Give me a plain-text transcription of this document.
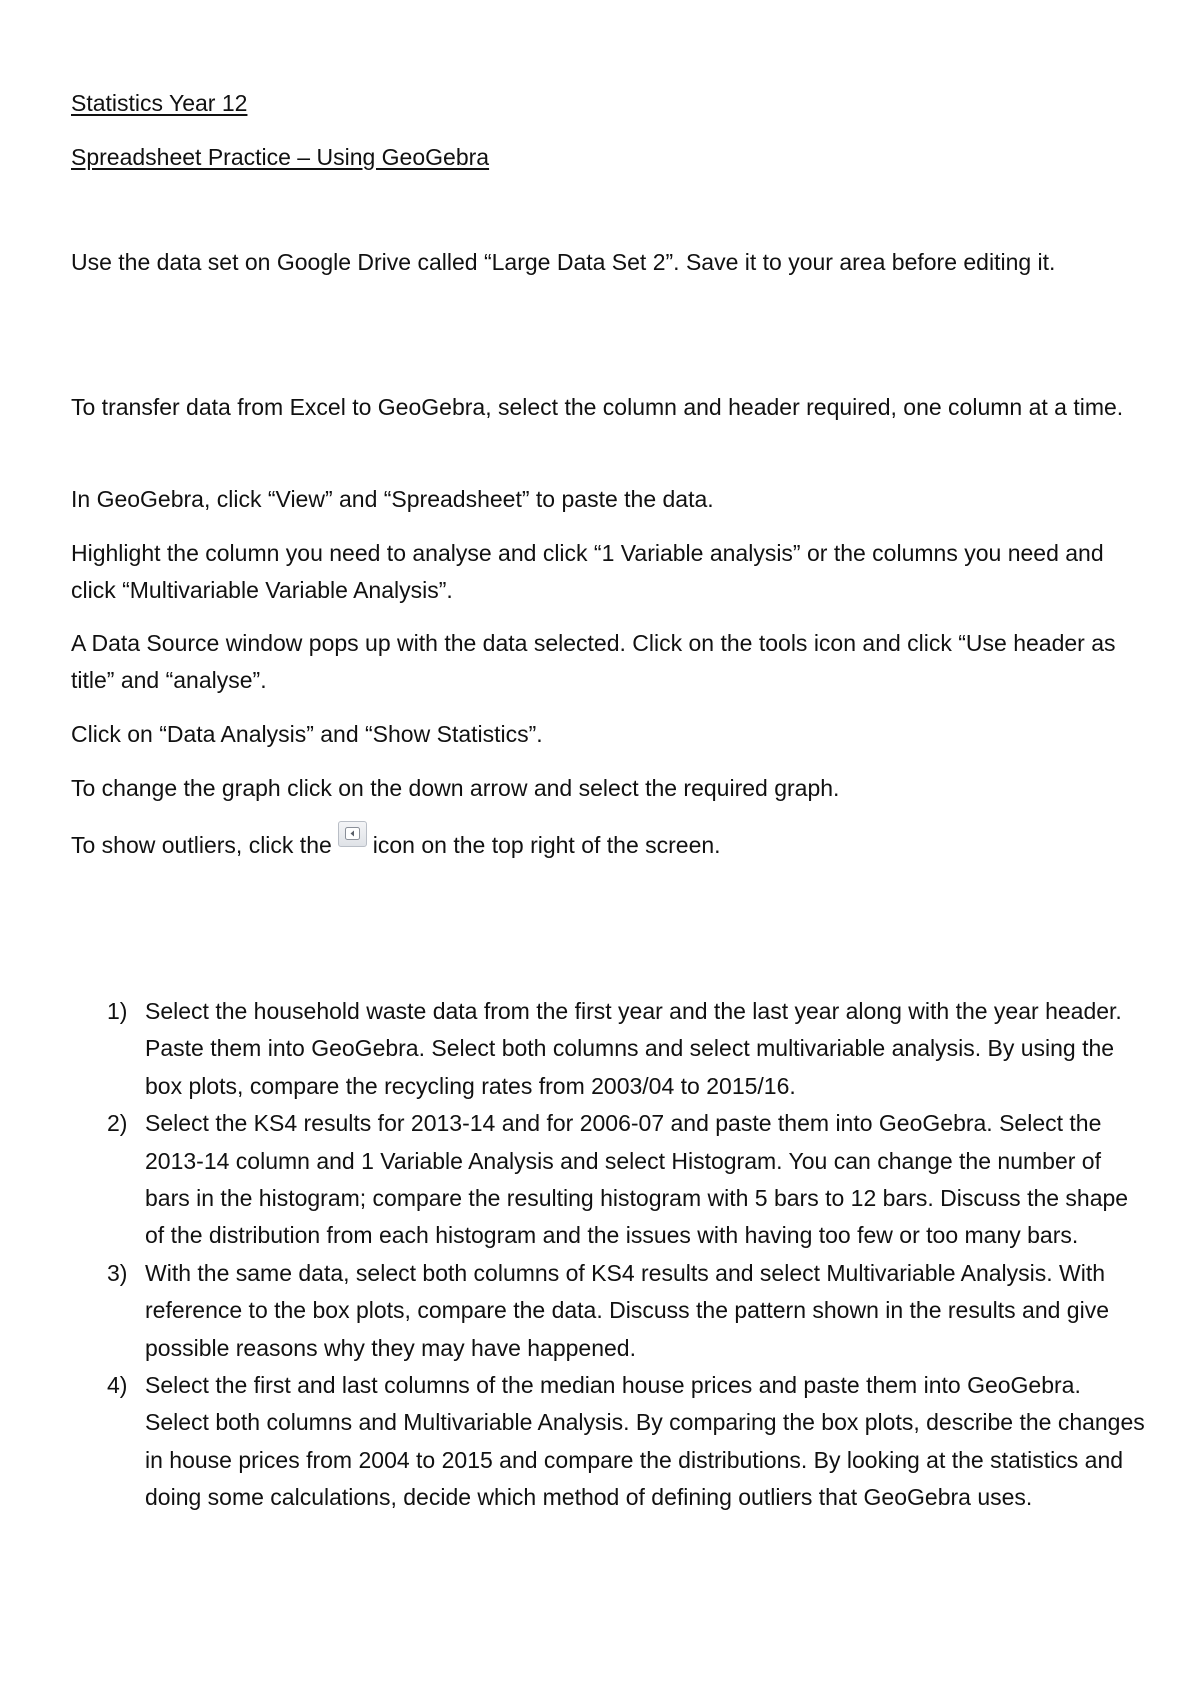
Statistics Year 12
Spreadsheet Practice – Using GeoGebra

Use the data set on Google Drive called “Large Data Set 2”. Save it to your area before editing it.

To transfer data from Excel to GeoGebra, select the column and header required, one column at a time.

In GeoGebra, click “View” and “Spreadsheet” to paste the data.

Highlight the column you need to analyse and click “1 Variable analysis” or the columns you need and click “Multivariable Variable Analysis”.

A Data Source window pops up with the data selected. Click on the tools icon and click “Use header as title” and “analyse”.

Click on “Data Analysis” and “Show Statistics”.

To change the graph click on the down arrow and select the required graph.

To show outliers, click the icon on the top right of the screen.

1) Select the household waste data from the first year and the last year along with the year header. Paste them into GeoGebra. Select both columns and select multivariable analysis. By using the box plots, compare the recycling rates from 2003/04 to 2015/16.
2) Select the KS4 results for 2013-14 and for 2006-07 and paste them into GeoGebra. Select the 2013-14 column and 1 Variable Analysis and select Histogram. You can change the number of bars in the histogram; compare the resulting histogram with 5 bars to 12 bars. Discuss the shape of the distribution from each histogram and the issues with having too few or too many bars.
3) With the same data, select both columns of KS4 results and select Multivariable Analysis. With reference to the box plots, compare the data. Discuss the pattern shown in the results and give possible reasons why they may have happened.
4) Select the first and last columns of the median house prices and paste them into GeoGebra. Select both columns and Multivariable Analysis. By comparing the box plots, describe the changes in house prices from 2004 to 2015 and compare the distributions. By looking at the statistics and doing some calculations, decide which method of defining outliers that GeoGebra uses.
